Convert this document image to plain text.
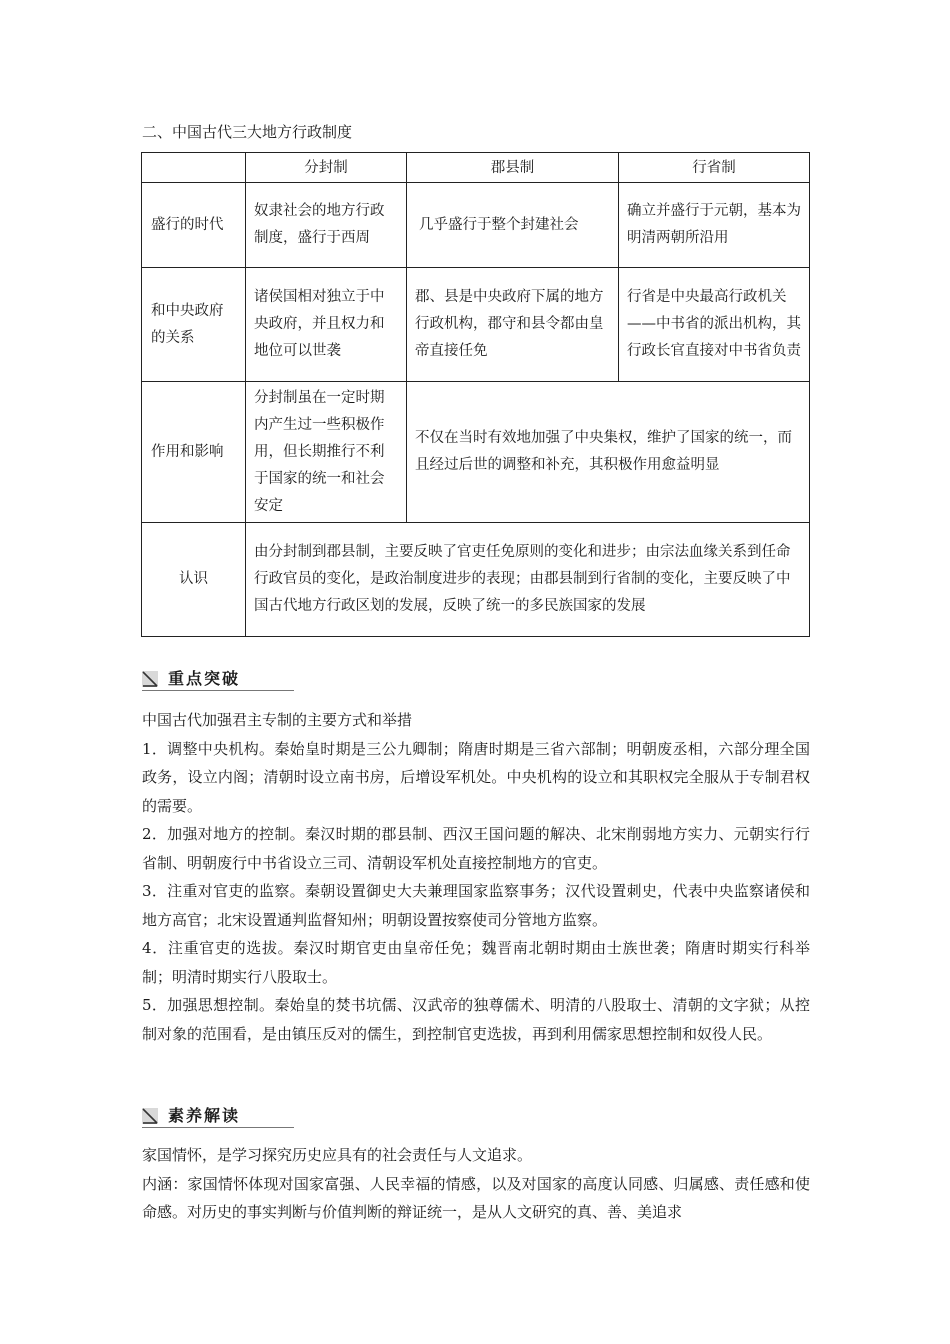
二、中国古代三大地方行政制度
	分封制	郡县制	行省制
盛行的时代	奴隶社会的地方行政制度，盛行于西周	几乎盛行于整个封建社会	确立并盛行于元朝，基本为明清两朝所沿用
和中央政府的关系	诸侯国相对独立于中央政府，并且权力和地位可以世袭	郡、县是中央政府下属的地方行政机构，郡守和县令都由皇帝直接任免	行省是中央最高行政机关——中书省的派出机构，其行政长官直接对中书省负责
作用和影响	分封制虽在一定时期内产生过一些积极作用，但长期推行不利于国家的统一和社会安定	不仅在当时有效地加强了中央集权，维护了国家的统一，而且经过后世的调整和补充，其积极作用愈益明显	
认识	由分封制到郡县制，主要反映了官吏任免原则的变化和进步；由宗法血缘关系到任命行政官员的变化，是政治制度进步的表现；由郡县制到行省制的变化，主要反映了中国古代地方行政区划的发展，反映了统一的多民族国家的发展		
重点突破

中国古代加强君主专制的主要方式和举措

1．调整中央机构。秦始皇时期是三公九卿制；隋唐时期是三省六部制；明朝废丞相，六部分理全国政务，设立内阁；清朝时设立南书房，后增设军机处。中央机构的设立和其职权完全服从于专制君权的需要。

2．加强对地方的控制。秦汉时期的郡县制、西汉王国问题的解决、北宋削弱地方实力、元朝实行行省制、明朝废行中书省设立三司、清朝设军机处直接控制地方的官吏。

3．注重对官吏的监察。秦朝设置御史大夫兼理国家监察事务；汉代设置刺史，代表中央监察诸侯和地方高官；北宋设置通判监督知州；明朝设置按察使司分管地方监察。

4．注重官吏的选拔。秦汉时期官吏由皇帝任免；魏晋南北朝时期由士族世袭；隋唐时期实行科举制；明清时期实行八股取士。

5．加强思想控制。秦始皇的焚书坑儒、汉武帝的独尊儒术、明清的八股取士、清朝的文字狱；从控制对象的范围看，是由镇压反对的儒生，到控制官吏选拔，再到利用儒家思想控制和奴役人民。

素养解读

家国情怀，是学习探究历史应具有的社会责任与人文追求。

内涵：家国情怀体现对国家富强、人民幸福的情感，以及对国家的高度认同感、归属感、责任感和使命感。对历史的事实判断与价值判断的辩证统一，是从人文研究的真、善、美追求
